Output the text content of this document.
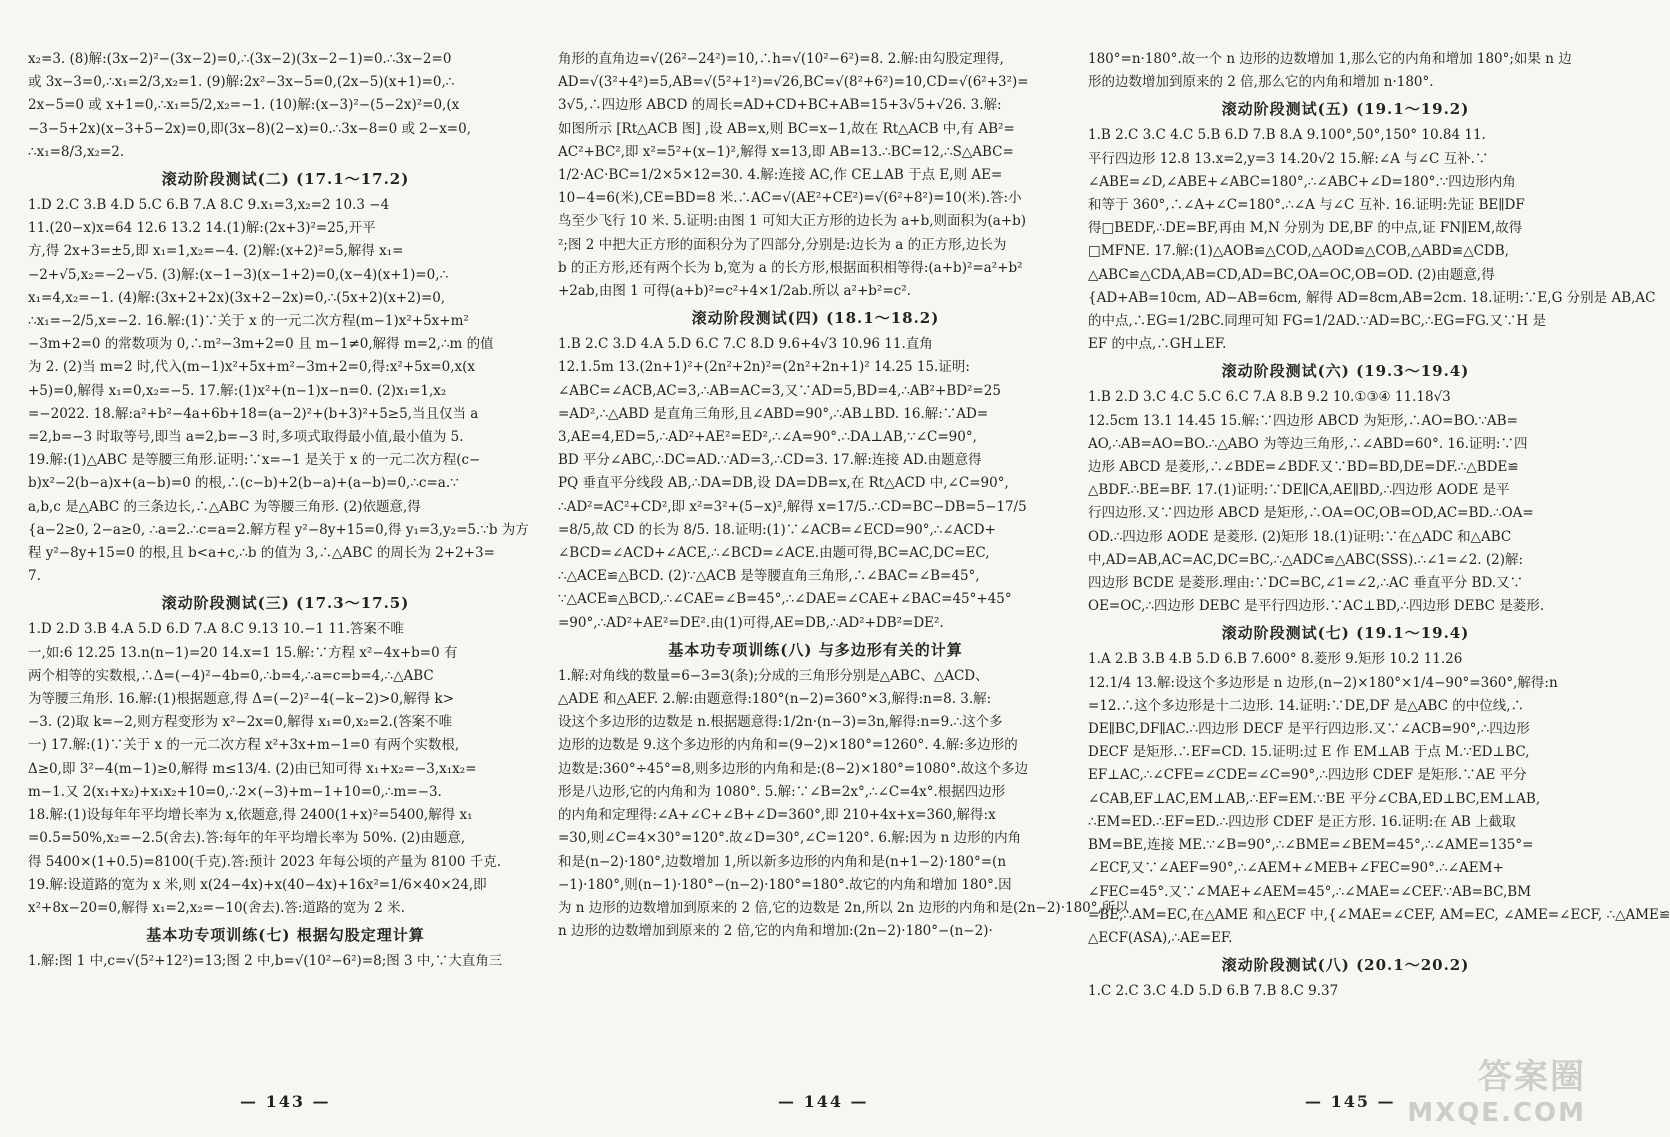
x₂=3. (8)解:(3x−2)²−(3x−2)=0,∴(3x−2)(3x−2−1)=0.∴3x−2=0
或 3x−3=0,∴x₁=2/3,x₂=1. (9)解:2x²−3x−5=0,(2x−5)(x+1)=0,∴
2x−5=0 或 x+1=0,∴x₁=5/2,x₂=−1. (10)解:(x−3)²−(5−2x)²=0,(x
−3−5+2x)(x−3+5−2x)=0,即(3x−8)(2−x)=0.∴3x−8=0 或 2−x=0,
∴x₁=8/3,x₂=2.
滚动阶段测试(二) (17.1～17.2)
1.D 2.C 3.B 4.D 5.C 6.B 7.A 8.C 9.x₁=3,x₂=2 10.3 −4
11.(20−x)x=64 12.6 13.2 14.(1)解:(2x+3)²=25,开平
方,得 2x+3=±5,即 x₁=1,x₂=−4. (2)解:(x+2)²=5,解得 x₁=
−2+√5,x₂=−2−√5. (3)解:(x−1−3)(x−1+2)=0,(x−4)(x+1)=0,∴
x₁=4,x₂=−1. (4)解:(3x+2+2x)(3x+2−2x)=0,∴(5x+2)(x+2)=0,
∴x₁=−2/5,x=−2. 16.解:(1)∵关于 x 的一元二次方程(m−1)x²+5x+m²
−3m+2=0 的常数项为 0,∴m²−3m+2=0 且 m−1≠0,解得 m=2,∴m 的值
为 2. (2)当 m=2 时,代入(m−1)x²+5x+m²−3m+2=0,得:x²+5x=0,x(x
+5)=0,解得 x₁=0,x₂=−5. 17.解:(1)x²+(n−1)x−n=0. (2)x₁=1,x₂
=−2022. 18.解:a²+b²−4a+6b+18=(a−2)²+(b+3)²+5≥5,当且仅当 a
=2,b=−3 时取等号,即当 a=2,b=−3 时,多项式取得最小值,最小值为 5.
19.解:(1)△ABC 是等腰三角形.证明:∵x=−1 是关于 x 的一元二次方程(c−
b)x²−2(b−a)x+(a−b)=0 的根,∴(c−b)+2(b−a)+(a−b)=0,∴c=a.∵
a,b,c 是△ABC 的三条边长,∴△ABC 为等腰三角形. (2)依题意,得
{a−2≥0, 2−a≥0, ∴a=2.∴c=a=2.解方程 y²−8y+15=0,得 y₁=3,y₂=5.∵b 为方
程 y²−8y+15=0 的根,且 b<a+c,∴b 的值为 3,∴△ABC 的周长为 2+2+3=
7.
滚动阶段测试(三) (17.3～17.5)
1.D 2.D 3.B 4.A 5.D 6.D 7.A 8.C 9.13 10.−1 11.答案不唯
一,如:6 12.25 13.n(n−1)=20 14.x=1 15.解:∵方程 x²−4x+b=0 有
两个相等的实数根,∴Δ=(−4)²−4b=0,∴b=4,∴a=c=b=4,∴△ABC
为等腰三角形. 16.解:(1)根据题意,得 Δ=(−2)²−4(−k−2)>0,解得 k>
−3. (2)取 k=−2,则方程变形为 x²−2x=0,解得 x₁=0,x₂=2.(答案不唯
一) 17.解:(1)∵关于 x 的一元二次方程 x²+3x+m−1=0 有两个实数根,
Δ≥0,即 3²−4(m−1)≥0,解得 m≤13/4. (2)由已知可得 x₁+x₂=−3,x₁x₂=
m−1.又 2(x₁+x₂)+x₁x₂+10=0,∴2×(−3)+m−1+10=0,∴m=−3.
18.解:(1)设每年年平均增长率为 x,依题意,得 2400(1+x)²=5400,解得 x₁
=0.5=50%,x₂=−2.5(舍去).答:每年的年平均增长率为 50%. (2)由题意,
得 5400×(1+0.5)=8100(千克).答:预计 2023 年每公顷的产量为 8100 千克.
19.解:设道路的宽为 x 米,则 x(24−4x)+x(40−4x)+16x²=1/6×40×24,即
x²+8x−20=0,解得 x₁=2,x₂=−10(舍去).答:道路的宽为 2 米.
基本功专项训练(七) 根据勾股定理计算
1.解:图 1 中,c=√(5²+12²)=13;图 2 中,b=√(10²−6²)=8;图 3 中,∵大直角三
角形的直角边=√(26²−24²)=10,∴h=√(10²−6²)=8. 2.解:由勾股定理得,
AD=√(3²+4²)=5,AB=√(5²+1²)=√26,BC=√(8²+6²)=10,CD=√(6²+3²)=
3√5,∴四边形 ABCD 的周长=AD+CD+BC+AB=15+3√5+√26. 3.解:
如图所示 [Rt△ACB 图] ,设 AB=x,则 BC=x−1,故在 Rt△ACB 中,有 AB²=
AC²+BC²,即 x²=5²+(x−1)²,解得 x=13,即 AB=13.∴BC=12,∴S△ABC=
1/2·AC·BC=1/2×5×12=30. 4.解:连接 AC,作 CE⊥AB 于点 E,则 AE=
10−4=6(米),CE=BD=8 米.∴AC=√(AE²+CE²)=√(6²+8²)=10(米).答:小
鸟至少飞行 10 米. 5.证明:由图 1 可知大正方形的边长为 a+b,则面积为(a+b)
²;图 2 中把大正方形的面积分为了四部分,分别是:边长为 a 的正方形,边长为
b 的正方形,还有两个长为 b,宽为 a 的长方形,根据面积相等得:(a+b)²=a²+b²
+2ab,由图 1 可得(a+b)²=c²+4×1/2ab.所以 a²+b²=c².
滚动阶段测试(四) (18.1～18.2)
1.B 2.C 3.D 4.A 5.D 6.C 7.C 8.D 9.6+4√3 10.96 11.直角
12.1.5m 13.(2n+1)²+(2n²+2n)²=(2n²+2n+1)² 14.25 15.证明:
∠ABC=∠ACB,AC=3,∴AB=AC=3,又∵AD=5,BD=4,∴AB²+BD²=25
=AD²,∴△ABD 是直角三角形,且∠ABD=90°,∴AB⊥BD. 16.解:∵AD=
3,AE=4,ED=5,∴AD²+AE²=ED²,∴∠A=90°.∴DA⊥AB,∵∠C=90°,
BD 平分∠ABC,∴DC=AD.∵AD=3,∴CD=3. 17.解:连接 AD.由题意得
PQ 垂直平分线段 AB,∴DA=DB,设 DA=DB=x,在 Rt△ACD 中,∠C=90°,
∴AD²=AC²+CD²,即 x²=3²+(5−x)²,解得 x=17/5.∴CD=BC−DB=5−17/5
=8/5,故 CD 的长为 8/5. 18.证明:(1)∵∠ACB=∠ECD=90°,∴∠ACD+
∠BCD=∠ACD+∠ACE,∴∠BCD=∠ACE.由题可得,BC=AC,DC=EC,
∴△ACE≌△BCD. (2)∵△ACB 是等腰直角三角形,∴∠BAC=∠B=45°,
∵△ACE≌△BCD,∴∠CAE=∠B=45°,∴∠DAE=∠CAE+∠BAC=45°+45°
=90°,∴AD²+AE²=DE².由(1)可得,AE=DB,∴AD²+DB²=DE².
基本功专项训练(八) 与多边形有关的计算
1.解:对角线的数量=6−3=3(条);分成的三角形分别是△ABC、△ACD、
△ADE 和△AEF. 2.解:由题意得:180°(n−2)=360°×3,解得:n=8. 3.解:
设这个多边形的边数是 n.根据题意得:1/2n·(n−3)=3n,解得:n=9.∴这个多
边形的边数是 9.这个多边形的内角和=(9−2)×180°=1260°. 4.解:多边形的
边数是:360°÷45°=8,则多边形的内角和是:(8−2)×180°=1080°.故这个多边
形是八边形,它的内角和为 1080°. 5.解:∵∠B=2x°,∴∠C=4x°.根据四边形
的内角和定理得:∠A+∠C+∠B+∠D=360°,即 210+4x+x=360,解得:x
=30,则∠C=4×30°=120°.故∠D=30°,∠C=120°. 6.解:因为 n 边形的内角
和是(n−2)·180°,边数增加 1,所以新多边形的内角和是(n+1−2)·180°=(n
−1)·180°,则(n−1)·180°−(n−2)·180°=180°.故它的内角和增加 180°.因
为 n 边形的边数增加到原来的 2 倍,它的边数是 2n,所以 2n 边形的内角和是(2n−2)·180°,所以
n 边形的边数增加到原来的 2 倍,它的内角和增加:(2n−2)·180°−(n−2)·
180°=n·180°.故一个 n 边形的边数增加 1,那么它的内角和增加 180°;如果 n 边
形的边数增加到原来的 2 倍,那么它的内角和增加 n·180°.
滚动阶段测试(五) (19.1～19.2)
1.B 2.C 3.C 4.C 5.B 6.D 7.B 8.A 9.100°,50°,150° 10.84 11.
平行四边形 12.8 13.x=2,y=3 14.20√2 15.解:∠A 与∠C 互补.∵
∠ABE=∠D,∠ABE+∠ABC=180°,∴∠ABC+∠D=180°.∵四边形内角
和等于 360°,∴∠A+∠C=180°.∴∠A 与∠C 互补. 16.证明:先证 BE∥DF
得□BEDF,∴DE=BF,再由 M,N 分别为 DE,BF 的中点,证 FN∥EM,故得
□MFNE. 17.解:(1)△AOB≌△COD,△AOD≌△COB,△ABD≌△CDB,
△ABC≌△CDA,AB=CD,AD=BC,OA=OC,OB=OD. (2)由题意,得
{AD+AB=10cm, AD−AB=6cm, 解得 AD=8cm,AB=2cm. 18.证明:∵E,G 分别是 AB,AC
的中点,∴EG=1/2BC.同理可知 FG=1/2AD.∵AD=BC,∴EG=FG.又∵H 是
EF 的中点,∴GH⊥EF.
滚动阶段测试(六) (19.3～19.4)
1.B 2.D 3.C 4.C 5.C 6.C 7.A 8.B 9.2 10.①③④ 11.18√3
12.5cm 13.1 14.45 15.解:∵四边形 ABCD 为矩形,∴AO=BO.∵AB=
AO,∴AB=AO=BO.∴△ABO 为等边三角形,∴∠ABD=60°. 16.证明:∵四
边形 ABCD 是菱形,∴∠BDE=∠BDF.又∵BD=BD,DE=DF.∴△BDE≌
△BDF.∴BE=BF. 17.(1)证明:∵DE∥CA,AE∥BD,∴四边形 AODE 是平
行四边形.又∵四边形 ABCD 是矩形,∴OA=OC,OB=OD,AC=BD.∴OA=
OD.∴四边形 AODE 是菱形. (2)矩形 18.(1)证明:∵在△ADC 和△ABC
中,AD=AB,AC=AC,DC=BC,∴△ADC≌△ABC(SSS).∴∠1=∠2. (2)解:
四边形 BCDE 是菱形.理由:∵DC=BC,∠1=∠2,∴AC 垂直平分 BD.又∵
OE=OC,∴四边形 DEBC 是平行四边形.∵AC⊥BD,∴四边形 DEBC 是菱形.
滚动阶段测试(七) (19.1～19.4)
1.A 2.B 3.B 4.B 5.D 6.B 7.600° 8.菱形 9.矩形 10.2 11.26
12.1/4 13.解:设这个多边形是 n 边形,(n−2)×180°×1/4−90°=360°,解得:n
=12.∴这个多边形是十二边形. 14.证明:∵DE,DF 是△ABC 的中位线,∴
DE∥BC,DF∥AC.∴四边形 DECF 是平行四边形.又∵∠ACB=90°,∴四边形
DECF 是矩形.∴EF=CD. 15.证明:过 E 作 EM⊥AB 于点 M.∵ED⊥BC,
EF⊥AC,∴∠CFE=∠CDE=∠C=90°,∴四边形 CDEF 是矩形.∵AE 平分
∠CAB,EF⊥AC,EM⊥AB,∴EF=EM.∵BE 平分∠CBA,ED⊥BC,EM⊥AB,
∴EM=ED.∴EF=ED.∴四边形 CDEF 是正方形. 16.证明:在 AB 上截取
BM=BE,连接 ME.∵∠B=90°,∴∠BME=∠BEM=45°,∴∠AME=135°=
∠ECF,又∵∠AEF=90°,∴∠AEM+∠MEB+∠FEC=90°.∴∠AEM+
∠FEC=45°.又∵∠MAE+∠AEM=45°,∴∠MAE=∠CEF.∵AB=BC,BM
=BE,∴AM=EC,在△AME 和△ECF 中,{∠MAE=∠CEF, AM=EC, ∠AME=∠ECF, ∴△AME≌
△ECF(ASA),∴AE=EF.
滚动阶段测试(八) (20.1～20.2)
1.C 2.C 3.C 4.D 5.D 6.B 7.B 8.C 9.37
— 143 —	— 144 —	— 145 —
答案圈
MXQE.COM
